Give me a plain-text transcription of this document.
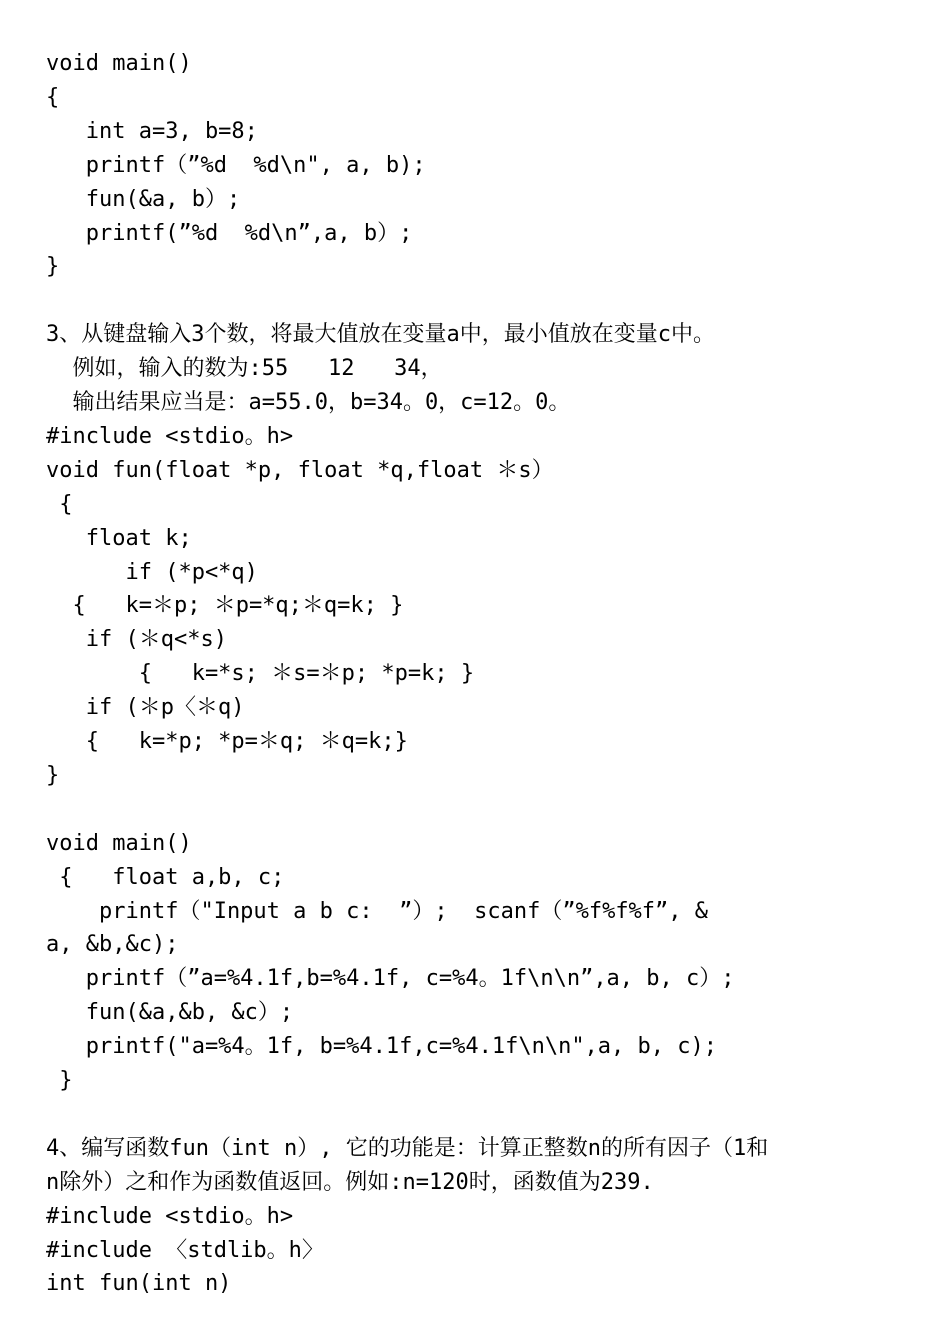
void main()
{
int a=3, b=8;
printf（”%d  %d\n", a, b);
fun(&a, b）;
printf(”%d  %d\n”,a, b）;
}
3、从键盘输入3个数，将最大值放在变量a中，最小值放在变量c中。
例如，输入的数为:55   12   34，
输出结果应当是：a=55.0，b=34。0，c=12。0。
#include <stdio。h>
void fun(float *p, float *q,float ＊s）
{
float k;
if (*p<*q)
{   k=＊p; ＊p=*q;＊q=k; }
if (＊q<*s)
{   k=*s; ＊s=＊p; *p=k; }
if (＊p〈＊q)
{   k=*p; *p=＊q; ＊q=k;}
}
void main()
{   float a,b, c;
printf（"Input a b c:  ”）;  scanf（”%f%f%f”, &
a, &b,&c);
printf（”a=%4.1f,b=%4.1f, c=%4。1f\n\n”,a, b, c）;
fun(&a,&b, &c）;
printf("a=%4。1f, b=%4.1f,c=%4.1f\n\n",a, b, c);
}
4、编写函数fun（int n）, 它的功能是：计算正整数n的所有因子（1和
n除外）之和作为函数值返回。例如:n=120时，函数值为239.
#include <stdio。h>
#include 〈stdlib。h〉
int fun(int n)
